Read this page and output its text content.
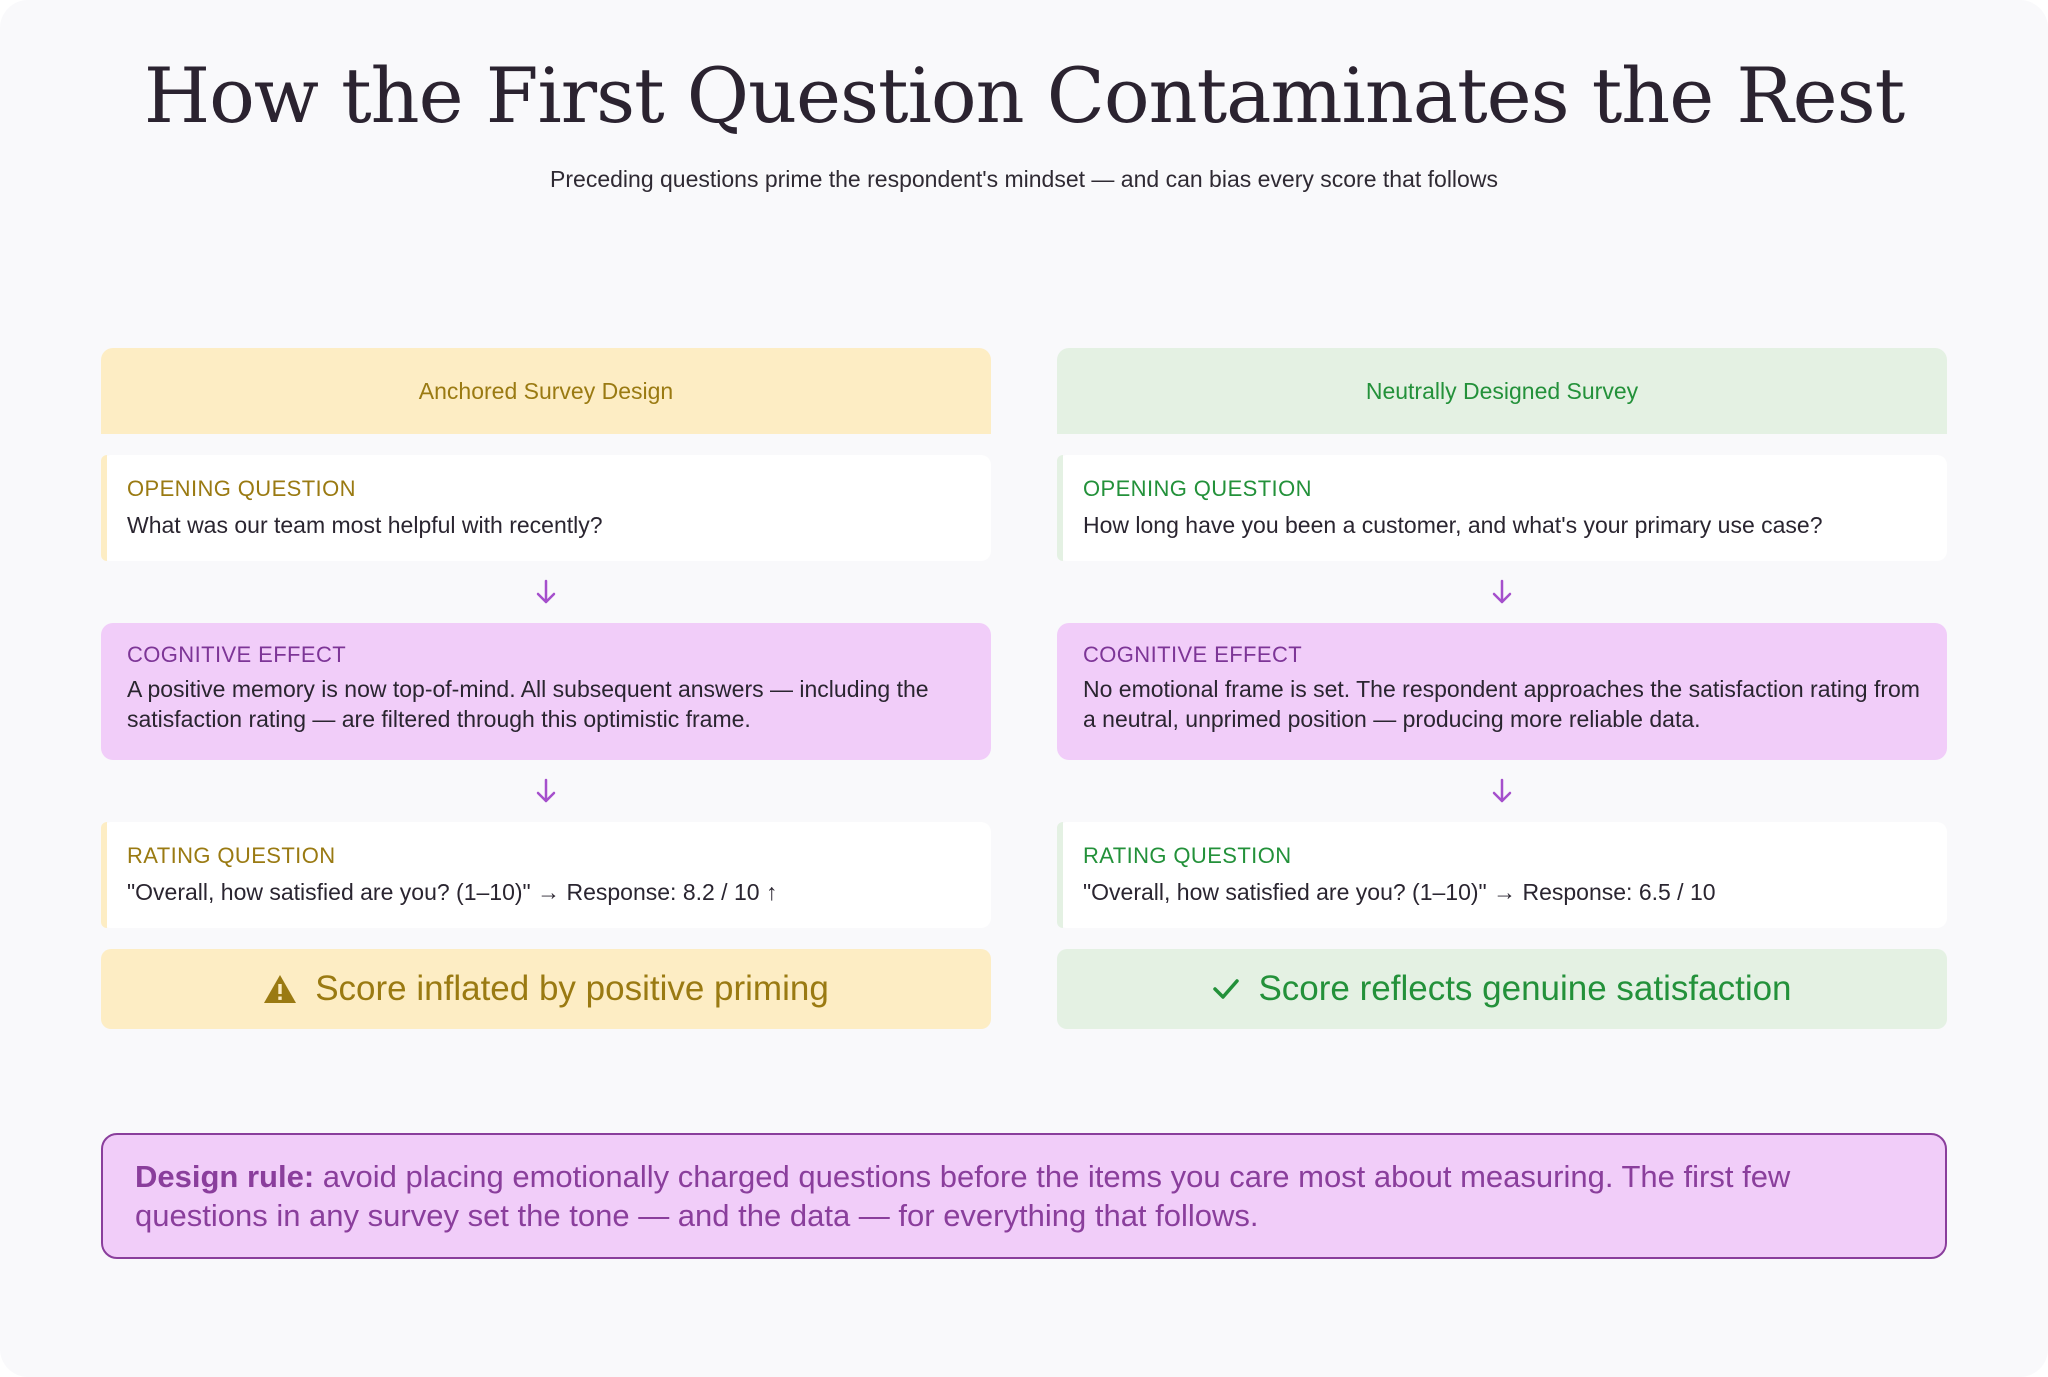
How the First Question Contaminates the Rest
Preceding questions prime the respondent's mindset — and can bias every score that follows
Anchored Survey Design
OPENING QUESTION
What was our team most helpful with recently?
COGNITIVE EFFECT
A positive memory is now top-of-mind. All subsequent answers — including the satisfaction rating — are filtered through this optimistic frame.
RATING QUESTION
"Overall, how satisfied are you? (1–10)" → Response: 8.2 / 10 ↑
Score inflated by positive priming
Neutrally Designed Survey
OPENING QUESTION
How long have you been a customer, and what's your primary use case?
COGNITIVE EFFECT
No emotional frame is set. The respondent approaches the satisfaction rating from a neutral, unprimed position — producing more reliable data.
RATING QUESTION
"Overall, how satisfied are you? (1–10)" → Response: 6.5 / 10
Score reflects genuine satisfaction
Design rule: avoid placing emotionally charged questions before the items you care most about measuring. The first few questions in any survey set the tone — and the data — for everything that follows.
